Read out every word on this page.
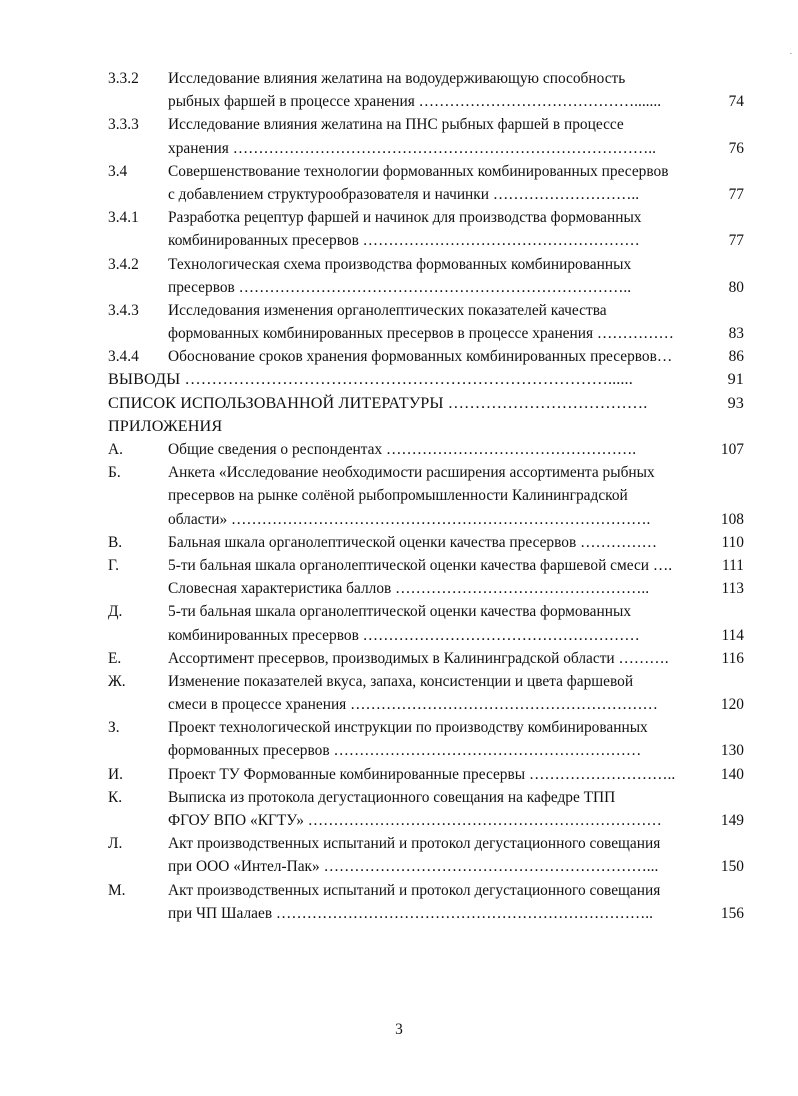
.
3.3.2 Исследование влияния желатина на водоудерживающую способность
рыбных фаршей в процессе хранения …………………………………….......	74
3.3.3 Исследование влияния желатина на ПНС рыбных фаршей в процессе
хранения ………………………………………………………………………..	76
3.4	Совершенствование технологии формованных комбинированных пресервов
с добавлением структурообразователя и начинки ………………………..	77
3.4.1 Разработка рецептур фаршей и начинок для производства формованных
комбинированных пресервов ………………………………………………	77
3.4.2 Технологическая схема производства формованных комбинированных
пресервов …………………………………………………………………..	80
3.4.3 Исследования изменения органолептических показателей качества
формованных комбинированных пресервов в процессе хранения ……………	83
3.4.4 Обоснование сроков хранения формованных комбинированных пресервов…	86
ВЫВОДЫ ……………………………………………………………………......	91
СПИСОК ИСПОЛЬЗОВАННОЙ ЛИТЕРАТУРЫ ……………………………….	93
ПРИЛОЖЕНИЯ
А.	Общие сведения о респондентах ………………………………………….	107
Б.	Анкета «Исследование необходимости расширения ассортимента рыбных
пресервов на рынке солёной рыбопромышленности Калининградской
области» ……………………………………………………………………….	108
В.	Бальная шкала органолептической оценки качества пресервов ……………	110
Г.	5-ти бальная шкала органолептической оценки качества фаршевой смеси ….	111
Словесная характеристика баллов …………………………………………..	113
Д.	5-ти бальная шкала органолептической оценки качества формованных
комбинированных пресервов ………………………………………………	114
Е.	Ассортимент пресервов, производимых в Калининградской области ……….	116
Ж.	Изменение показателей вкуса, запаха, консистенции и цвета фаршевой
смеси в процессе хранения ……………………………………………………	120
З.	Проект технологической инструкции по производству комбинированных
формованных пресервов ……………………………………………………	130
И.	Проект ТУ Формованные комбинированные пресервы ………………………..	140
К.	Выписка из протокола дегустационного совещания на кафедре ТПП
ФГОУ ВПО «КГТУ» ……………………………………………………………	149
Л.	Акт производственных испытаний и протокол дегустационного совещания
при ООО «Интел-Пак» ………………………………………………………...	150
М.	Акт производственных испытаний и протокол дегустационного совещания
при ЧП Шалаев ………………………………………………………………..	156
3
